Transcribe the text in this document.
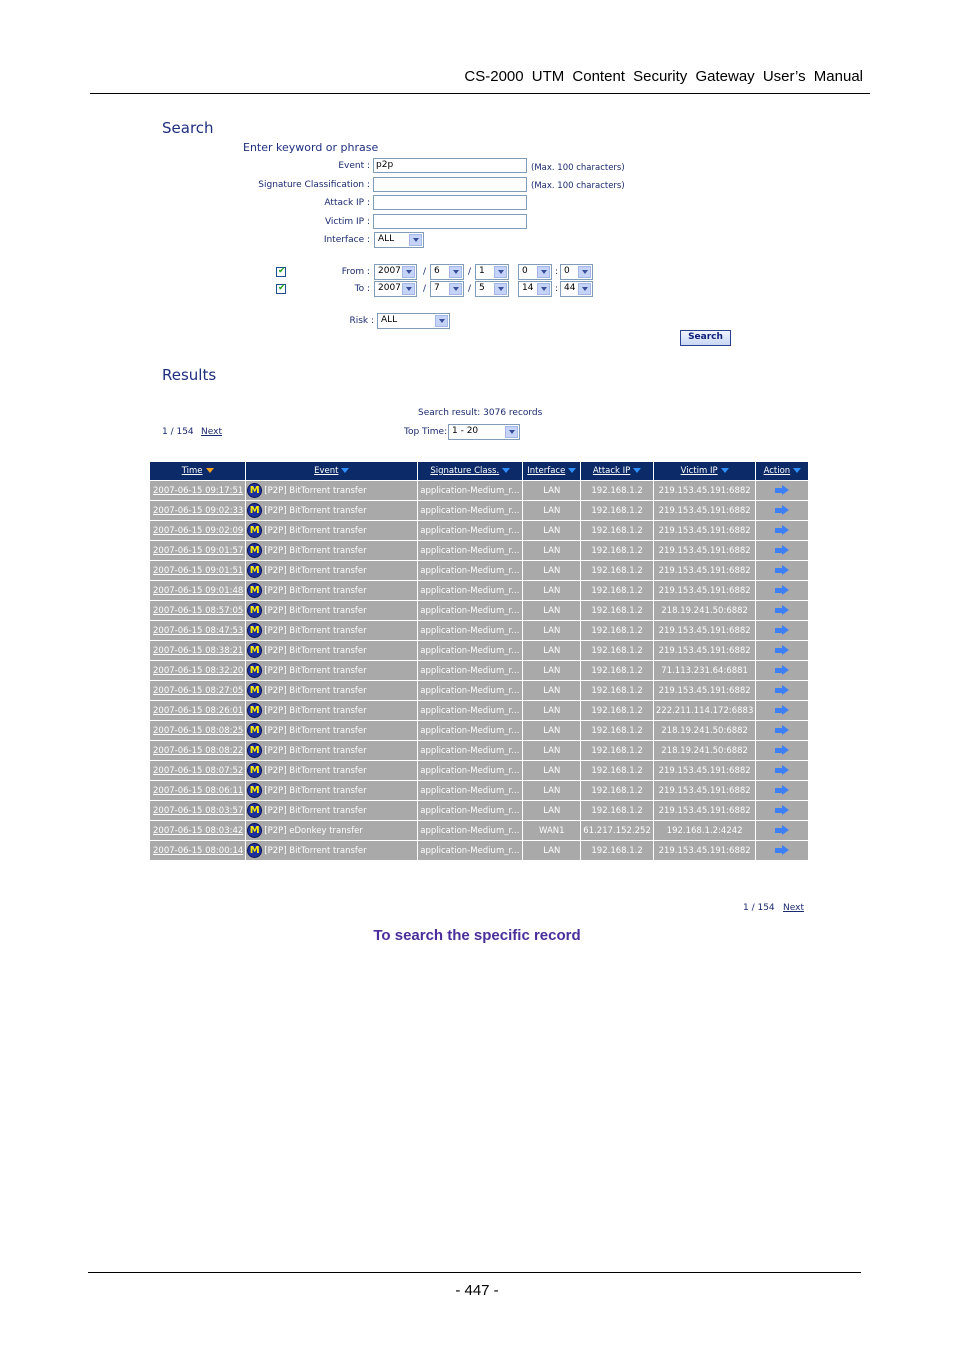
CS-2000 UTM Content Security Gateway User’s Manual
Search
Enter keyword or phrase
Event : p2p	(Max. 100 characters)
Signature Classification :	(Max. 100 characters)
Attack IP :
Victim IP :
Interface : ALL
✔	From : 2007 / 6	/ 1	0	: 0
✔	To : 2007 / 7	/ 5	14 : 44
Risk : ALL
Search
Results
Search result: 3076 records
1 / 154 Next	Top Time: 1 - 20
Time	Event	Signature Class.	Interface	Attack IP	Victim IP	Action
2007-06-15 09:17:51	M [P2P] BitTorrent transfer	application-Medium_r...	LAN	192.168.1.2	219.153.45.191:6882	
2007-06-15 09:02:33	M [P2P] BitTorrent transfer	application-Medium_r...	LAN	192.168.1.2	219.153.45.191:6882	
2007-06-15 09:02:09	M [P2P] BitTorrent transfer	application-Medium_r...	LAN	192.168.1.2	219.153.45.191:6882	
2007-06-15 09:01:57	M [P2P] BitTorrent transfer	application-Medium_r...	LAN	192.168.1.2	219.153.45.191:6882	
2007-06-15 09:01:51	M [P2P] BitTorrent transfer	application-Medium_r...	LAN	192.168.1.2	219.153.45.191:6882	
2007-06-15 09:01:48	M [P2P] BitTorrent transfer	application-Medium_r...	LAN	192.168.1.2	219.153.45.191:6882	
2007-06-15 08:57:05	M [P2P] BitTorrent transfer	application-Medium_r...	LAN	192.168.1.2	218.19.241.50:6882	
2007-06-15 08:47:53	M [P2P] BitTorrent transfer	application-Medium_r...	LAN	192.168.1.2	219.153.45.191:6882	
2007-06-15 08:38:21	M [P2P] BitTorrent transfer	application-Medium_r...	LAN	192.168.1.2	219.153.45.191:6882	
2007-06-15 08:32:20	M [P2P] BitTorrent transfer	application-Medium_r...	LAN	192.168.1.2	71.113.231.64:6881	
2007-06-15 08:27:05	M [P2P] BitTorrent transfer	application-Medium_r...	LAN	192.168.1.2	219.153.45.191:6882	
2007-06-15 08:26:01	M [P2P] BitTorrent transfer	application-Medium_r...	LAN	192.168.1.2	222.211.114.172:6883	
2007-06-15 08:08:25	M [P2P] BitTorrent transfer	application-Medium_r...	LAN	192.168.1.2	218.19.241.50:6882	
2007-06-15 08:08:22	M [P2P] BitTorrent transfer	application-Medium_r...	LAN	192.168.1.2	218.19.241.50:6882	
2007-06-15 08:07:52	M [P2P] BitTorrent transfer	application-Medium_r...	LAN	192.168.1.2	219.153.45.191:6882	
2007-06-15 08:06:11	M [P2P] BitTorrent transfer	application-Medium_r...	LAN	192.168.1.2	219.153.45.191:6882	
2007-06-15 08:03:57	M [P2P] BitTorrent transfer	application-Medium_r...	LAN	192.168.1.2	219.153.45.191:6882	
2007-06-15 08:03:42	M [P2P] eDonkey transfer	application-Medium_r...	WAN1	61.217.152.252	192.168.1.2:4242	
2007-06-15 08:00:14	M [P2P] BitTorrent transfer	application-Medium_r...	LAN	192.168.1.2	219.153.45.191:6882	
1 / 154 Next
To search the specific record
- 447 -
